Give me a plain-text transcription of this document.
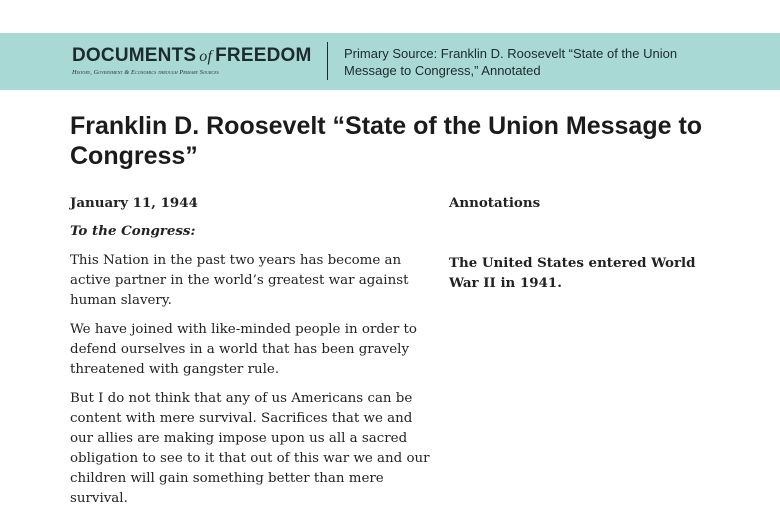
DOCUMENTS of FREEDOM
History, Government & Economics through Primary Sources
Primary Source: Franklin D. Roosevelt “State of the Union Message to Congress,” Annotated
Franklin D. Roosevelt “State of the Union Message to Congress”

January 11, 1944

To the Congress:

This Nation in the past two years has become an active partner in the world’s greatest war against human slavery.

We have joined with like-minded people in order to defend ourselves in a world that has been gravely threatened with gangster rule.

But I do not think that any of us Americans can be content with mere survival. Sacrifices that we and our allies are making impose upon us all a sacred obligation to see to it that out of this war we and our children will gain something better than mere survival.

Annotations

The United States entered World War II in 1941.
